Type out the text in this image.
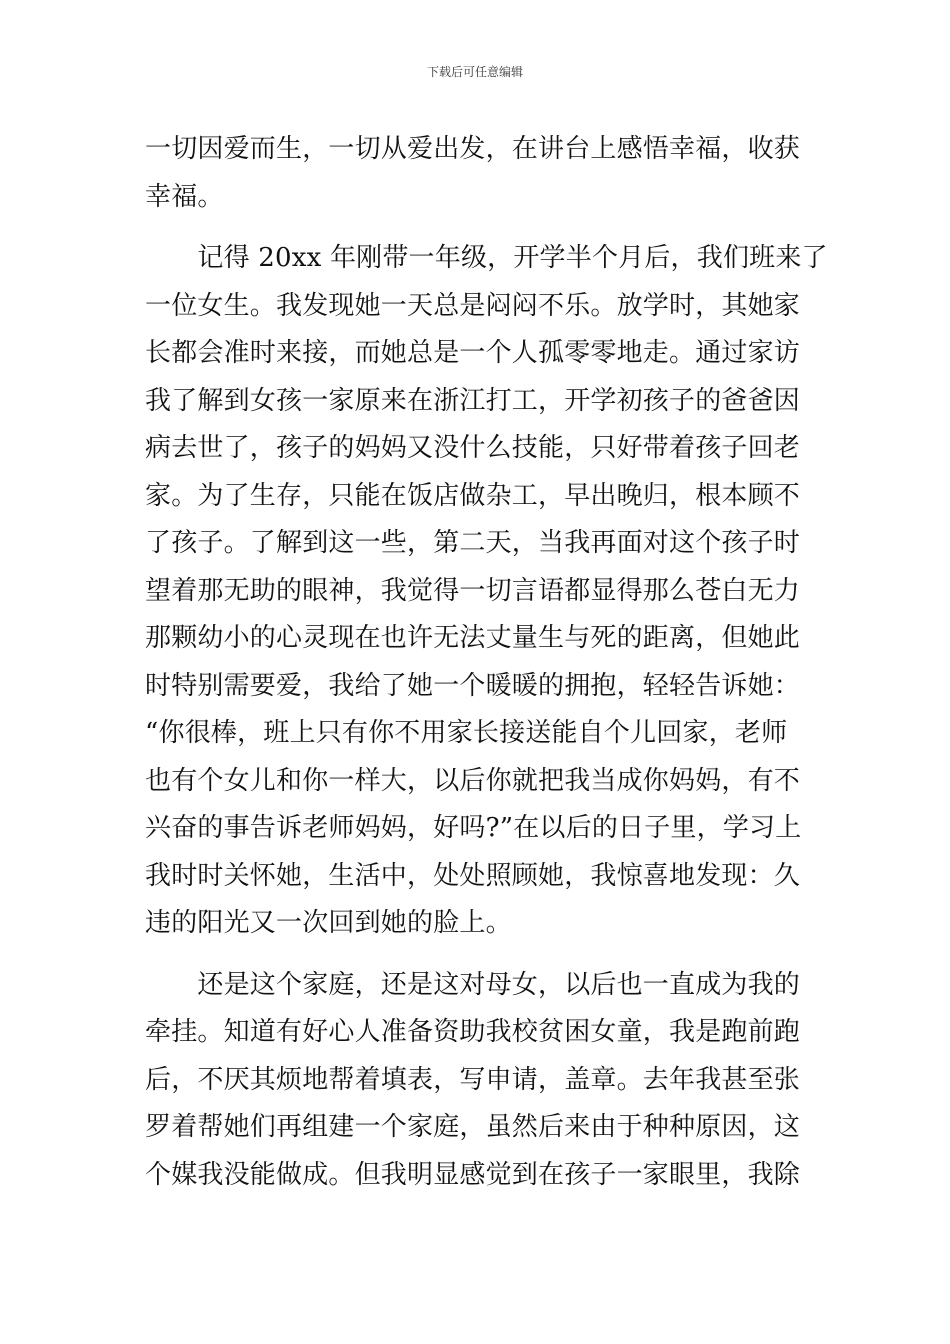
下载后可任意编辑
一切因爱而生，一切从爱出发，在讲台上感悟幸福，收获
幸福。
　　记得 20xx 年刚带一年级，开学半个月后，我们班来了
一位女生。我发现她一天总是闷闷不乐。放学时，其她家
长都会准时来接，而她总是一个人孤零零地走。通过家访
我了解到女孩一家原来在浙江打工，开学初孩子的爸爸因
病去世了，孩子的妈妈又没什么技能，只好带着孩子回老
家。为了生存，只能在饭店做杂工，早出晚归，根本顾不
了孩子。了解到这一些，第二天，当我再面对这个孩子时
望着那无助的眼神，我觉得一切言语都显得那么苍白无力
那颗幼小的心灵现在也许无法丈量生与死的距离，但她此
时特别需要爱，我给了她一个暖暖的拥抱，轻轻告诉她：
“你很棒，班上只有你不用家长接送能自个儿回家，老师
也有个女儿和你一样大，以后你就把我当成你妈妈，有不
兴奋的事告诉老师妈妈，好吗?”在以后的日子里，学习上
我时时关怀她，生活中，处处照顾她，我惊喜地发现：久
违的阳光又一次回到她的脸上。
　　还是这个家庭，还是这对母女，以后也一直成为我的
牵挂。知道有好心人准备资助我校贫困女童，我是跑前跑
后，不厌其烦地帮着填表，写申请，盖章。去年我甚至张
罗着帮她们再组建一个家庭，虽然后来由于种种原因，这
个媒我没能做成。但我明显感觉到在孩子一家眼里，我除
